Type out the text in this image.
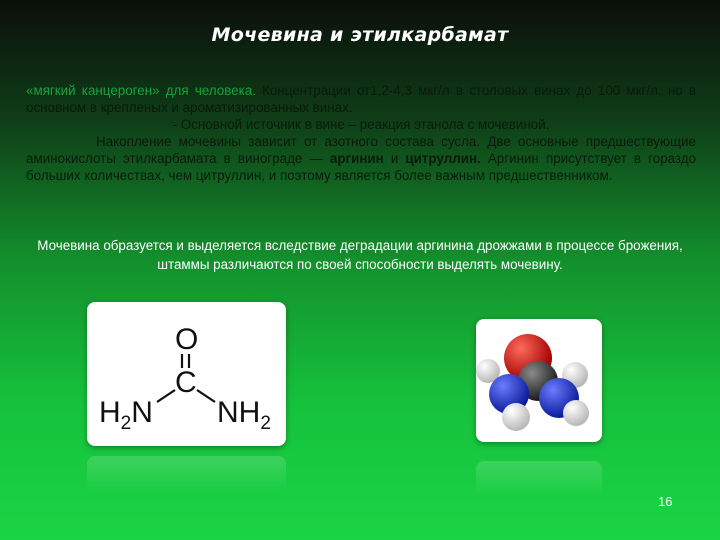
Мочевина и этилкарбамат

«мягкий канцероген» для человека. Концентрации от1,2-4,3 мкг/л в столовых винах до 100 мкг/л, но в основном в крепленых и ароматизированных винах.
- Основной источник в вине – реакция этанола с мочевиной.
Накопление мочевины зависит от азотного состава сусла. Две основные предшествующие аминокислоты этилкарбамата в винограде — аргинин и цитруллин. Аргинин присутствует в гораздо больших количествах, чем цитруллин, и поэтому является более важным предшественником.

Мочевина образуется и выделяется вследствие деградации аргинина дрожжами в процессе брожения, штаммы различаются по своей способности выделять мочевину.

O
C
$H_2N$ $NH_2$
16
